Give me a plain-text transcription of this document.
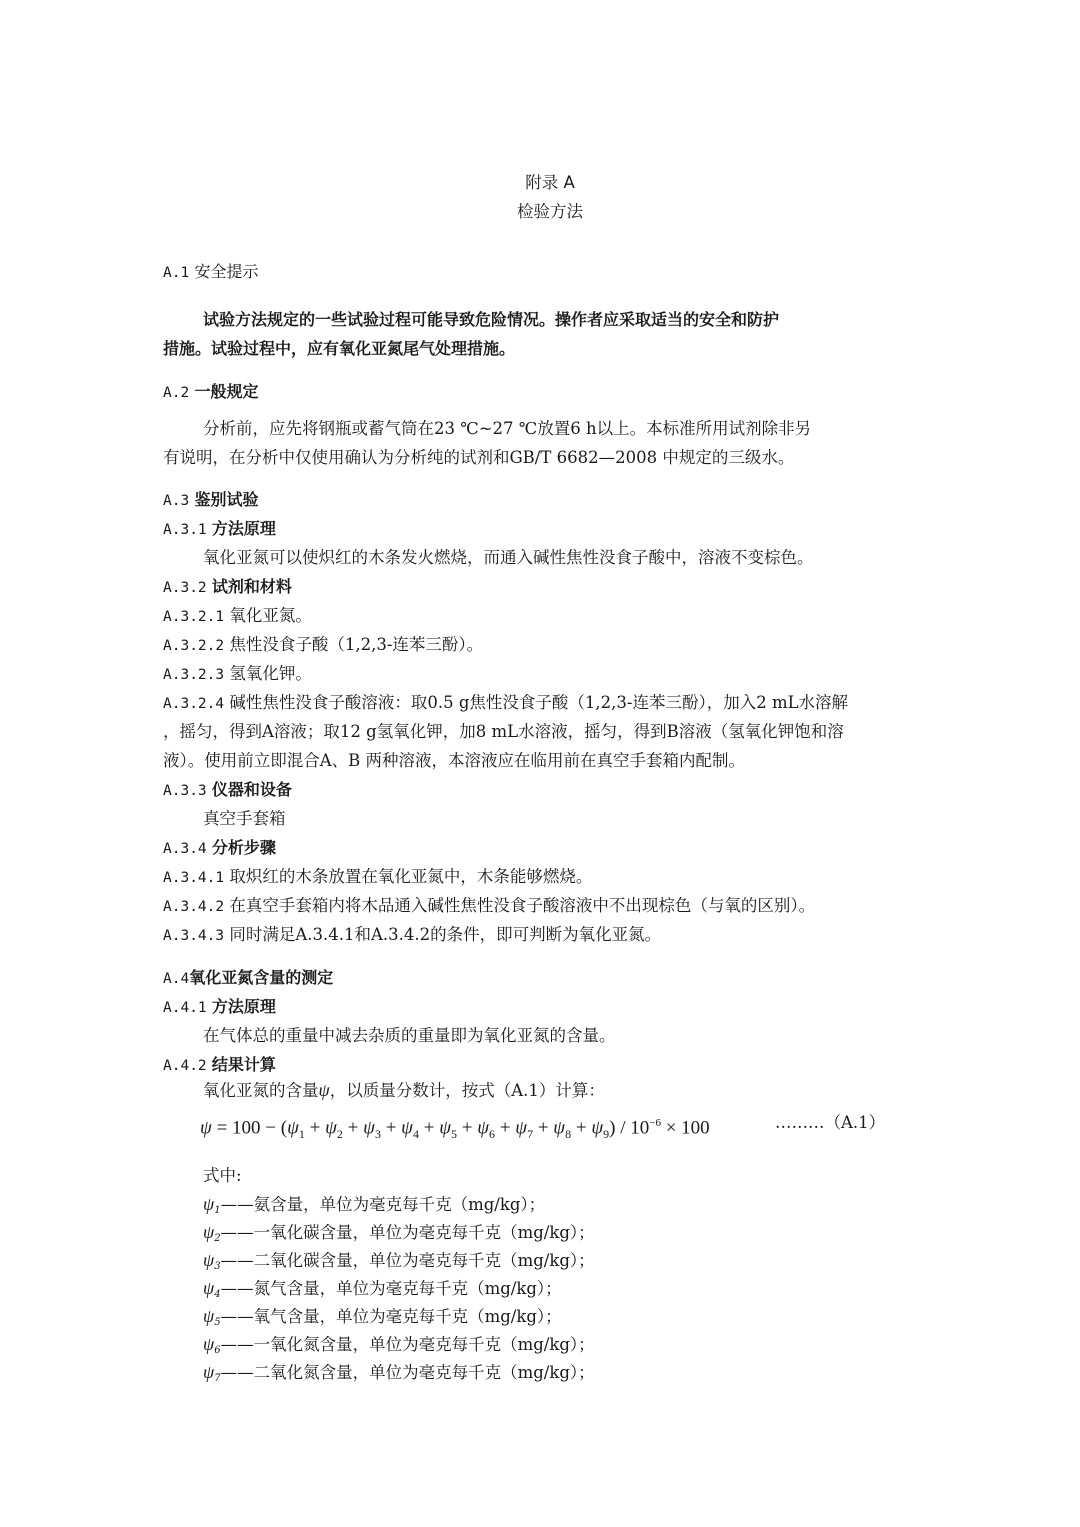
附录 A
检验方法
A.1 安全提示
试验方法规定的一些试验过程可能导致危险情况。操作者应采取适当的安全和防护
措施。试验过程中，应有氧化亚氮尾气处理措施。
A.2 一般规定
分析前，应先将钢瓶或蓄气筒在23 ℃~27 ℃放置6 h以上。本标准所用试剂除非另
有说明，在分析中仅使用确认为分析纯的试剂和GB/T 6682—2008 中规定的三级水。
A.3 鉴别试验
A.3.1 方法原理
氧化亚氮可以使炽红的木条发火燃烧，而通入碱性焦性没食子酸中，溶液不变棕色。
A.3.2 试剂和材料
A.3.2.1 氧化亚氮。
A.3.2.2 焦性没食子酸（1,2,3-连苯三酚）。
A.3.2.3 氢氧化钾。
A.3.2.4 碱性焦性没食子酸溶液：取0.5 g焦性没食子酸（1,2,3-连苯三酚），加入2 mL水溶解
，摇匀，得到A溶液；取12 g氢氧化钾，加8 mL水溶液，摇匀，得到B溶液（氢氧化钾饱和溶
液）。使用前立即混合A、B 两种溶液，本溶液应在临用前在真空手套箱内配制。
A.3.3 仪器和设备
真空手套箱
A.3.4 分析步骤
A.3.4.1 取炽红的木条放置在氧化亚氮中，木条能够燃烧。
A.3.4.2 在真空手套箱内将木品通入碱性焦性没食子酸溶液中不出现棕色（与氧的区别）。
A.3.4.3 同时满足A.3.4.1和A.3.4.2的条件，即可判断为氧化亚氮。
A.4氧化亚氮含量的测定
A.4.1 方法原理
在气体总的重量中减去杂质的重量即为氧化亚氮的含量。
A.4.2 结果计算
氧化亚氮的含量ψ，以质量分数计，按式（A.1）计算：
$\psi = 100 - (\psi_1 + \psi_2 + \psi_3 + \psi_4 + \psi_5 + \psi_6 + \psi_7 + \psi_8 + \psi_9) / 10^{-6} \times 100$	………（A.1）
式中:
$\psi_1——$氨含量，单位为毫克每千克（mg/kg）；
$\psi_2——$一氧化碳含量，单位为毫克每千克（mg/kg）；
$\psi_3——$二氧化碳含量，单位为毫克每千克（mg/kg）；
$\psi_4——$氮气含量，单位为毫克每千克（mg/kg）；
$\psi_5——$氧气含量，单位为毫克每千克（mg/kg）；
$\psi_6——$一氧化氮含量，单位为毫克每千克（mg/kg）；
$\psi_7——$二氧化氮含量，单位为毫克每千克（mg/kg）；
